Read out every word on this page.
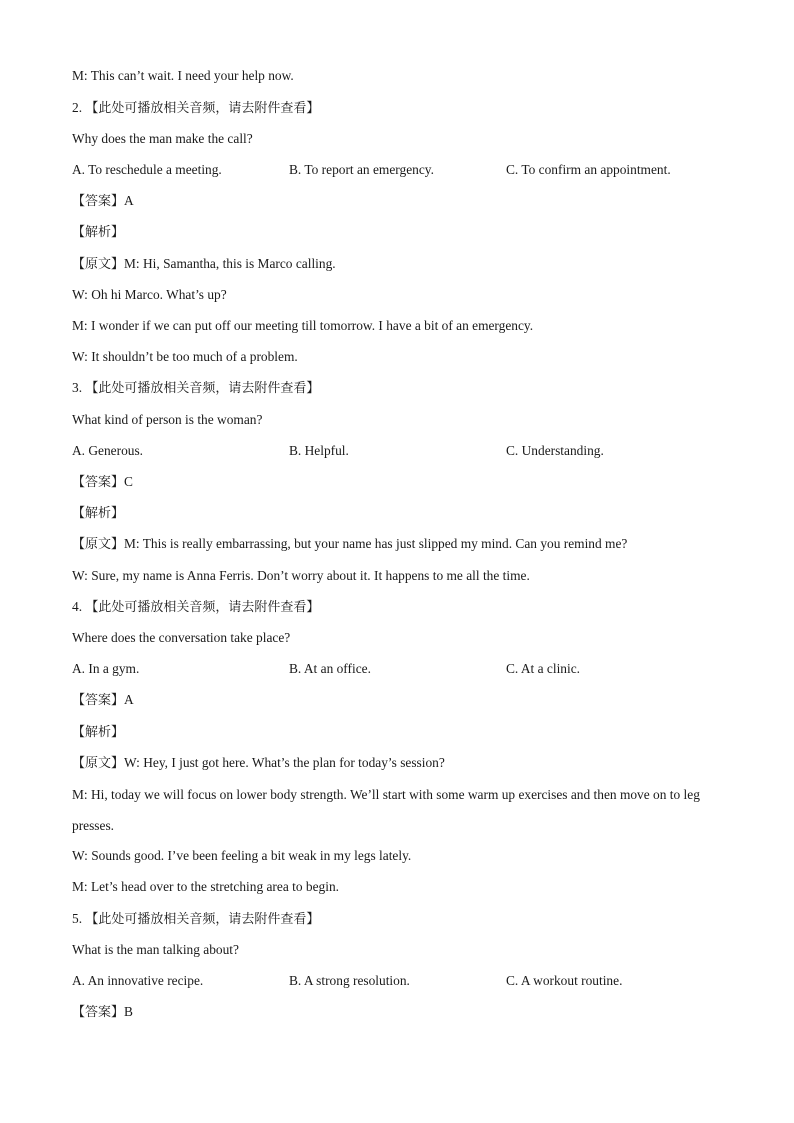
M: This can’t wait. I need your help now.
2. 【此处可播放相关音频，请去附件查看】
Why does the man make the call?
A. To reschedule a meeting.	B. To report an emergency.	C. To confirm an appointment.
【答案】A
【解析】
【原文】M: Hi, Samantha, this is Marco calling.
W: Oh hi Marco. What’s up?
M: I wonder if we can put off our meeting till tomorrow. I have a bit of an emergency.
W: It shouldn’t be too much of a problem.
3. 【此处可播放相关音频，请去附件查看】
What kind of person is the woman?
A. Generous.	B. Helpful.	C. Understanding.
【答案】C
【解析】
【原文】M: This is really embarrassing, but your name has just slipped my mind. Can you remind me?
W: Sure, my name is Anna Ferris. Don’t worry about it. It happens to me all the time.
4. 【此处可播放相关音频，请去附件查看】
Where does the conversation take place?
A. In a gym.	B. At an office.	C. At a clinic.
【答案】A
【解析】
【原文】W: Hey, I just got here. What’s the plan for today’s session?
M: Hi, today we will focus on lower body strength. We’ll start with some warm up exercises and then move on to leg presses.
W: Sounds good. I’ve been feeling a bit weak in my legs lately.
M: Let’s head over to the stretching area to begin.
5. 【此处可播放相关音频，请去附件查看】
What is the man talking about?
A. An innovative recipe.	B. A strong resolution.	C. A workout routine.
【答案】B
